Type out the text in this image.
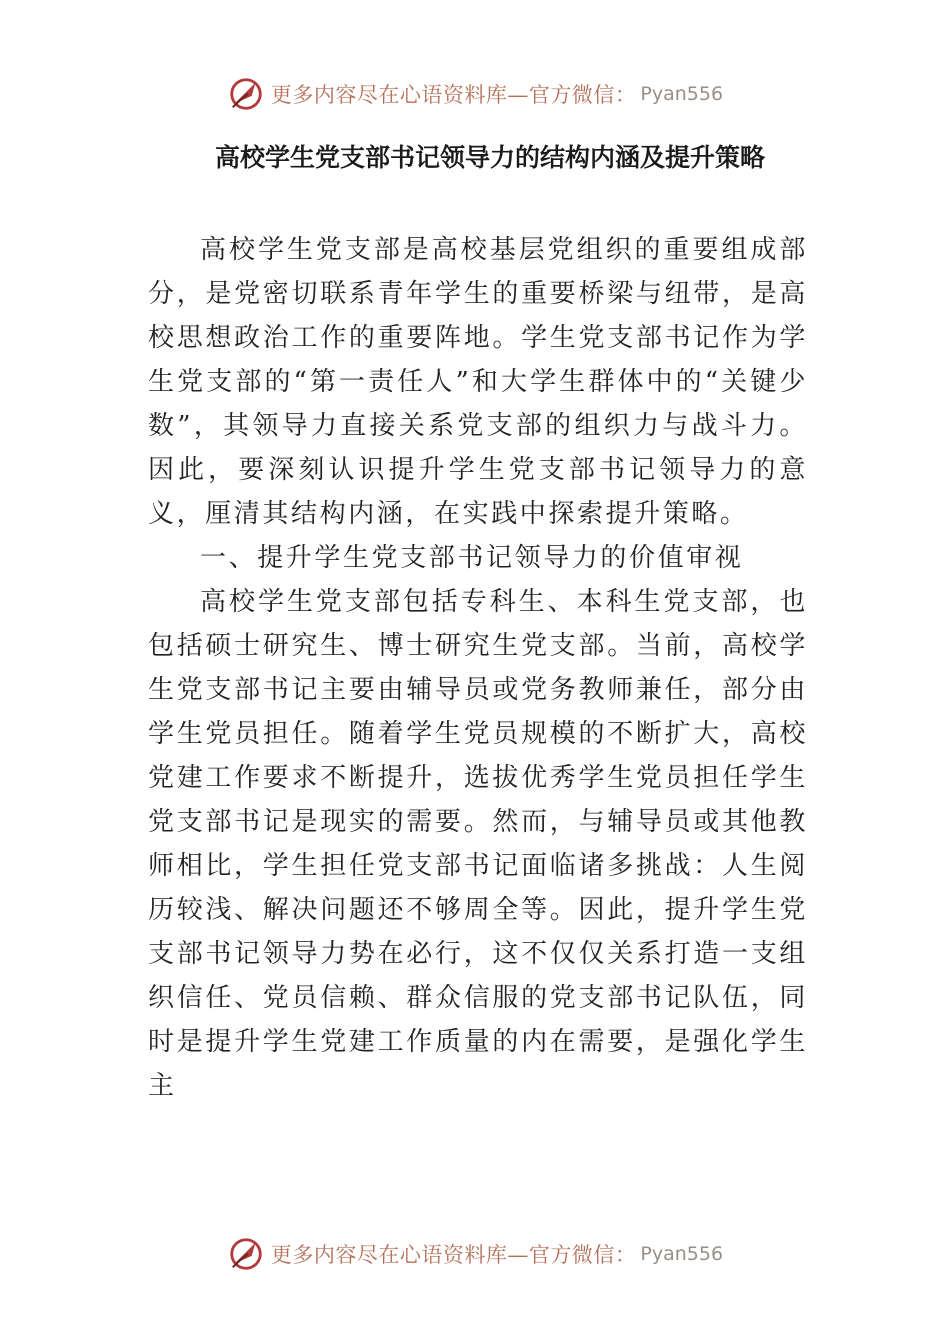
更多内容尽在心语资料库—官方微信： Pyan556
高校学生党支部书记领导力的结构内涵及提升策略

高校学生党支部是高校基层党组织的重要组成部分，是党密切联系青年学生的重要桥梁与纽带，是高校思想政治工作的重要阵地。学生党支部书记作为学生党支部的“第一责任人”和大学生群体中的“关键少数”，其领导力直接关系党支部的组织力与战斗力。因此，要深刻认识提升学生党支部书记领导力的意义，厘清其结构内涵，在实践中探索提升策略。

一、提升学生党支部书记领导力的价值审视

高校学生党支部包括专科生、本科生党支部，也包括硕士研究生、博士研究生党支部。当前，高校学生党支部书记主要由辅导员或党务教师兼任，部分由学生党员担任。随着学生党员规模的不断扩大，高校党建工作要求不断提升，选拔优秀学生党员担任学生党支部书记是现实的需要。然而，与辅导员或其他教师相比，学生担任党支部书记面临诸多挑战：人生阅历较浅、解决问题还不够周全等。因此，提升学生党支部书记领导力势在必行，这不仅仅关系打造一支组织信任、党员信赖、群众信服的党支部书记队伍，同时是提升学生党建工作质量的内在需要，是强化学生主

更多内容尽在心语资料库—官方微信： Pyan556
